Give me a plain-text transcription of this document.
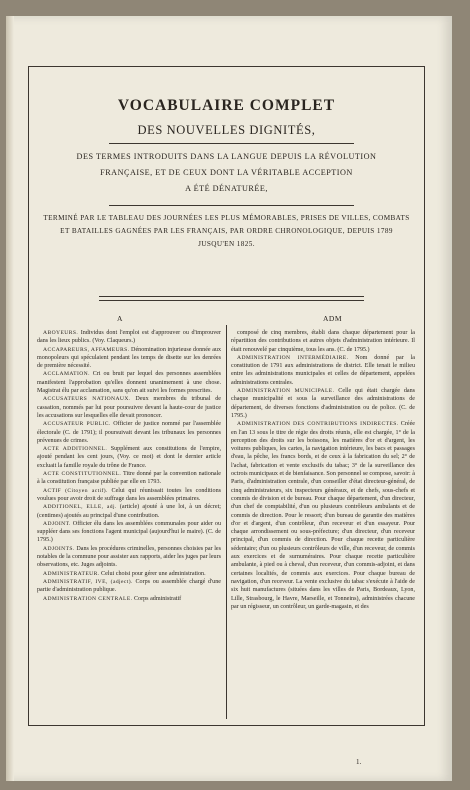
VOCABULAIRE COMPLET
DES NOUVELLES DIGNITÉS,
DES TERMES INTRODUITS DANS LA LANGUE DEPUIS LA RÉVOLUTION
FRANÇAISE, ET DE CEUX DONT LA VÉRITABLE ACCEPTION
A ÉTÉ DÉNATURÉE,
TERMINÉ PAR LE TABLEAU DES JOURNÉES LES PLUS MÉMORABLES, PRISES DE VILLES, COMBATS ET BATAILLES GAGNÉES PAR LES FRANÇAIS, PAR ORDRE CHRONOLOGIQUE, DEPUIS 1789 JUSQU'EN 1825.
A	ADM

ABOYEURS. Individus dont l'emploi est d'approuver ou d'improuver dans les lieux publics. (Voy. Claqueurs.)

ACCAPAREURS, AFFAMEURS. Dénomination injurieuse donnée aux monopoleurs qui spéculaient pendant les temps de disette sur les denrées de première nécessité.

ACCLAMATION. Cri ou bruit par lequel des personnes assemblées manifestent l'approbation qu'elles donnent unanimement à une chose. Magistrat élu par acclamation, sans qu'on ait suivi les formes prescrites.

ACCUSATEURS NATIONAUX. Deux membres du tribunal de cassation, nommés par lui pour poursuivre devant la haute-cour de justice les accusations sur lesquelles elle devait prononcer.

ACCUSATEUR PUBLIC. Officier de justice nommé par l'assemblée électorale (C. de 1791); il poursuivait devant les tribunaux les personnes prévenues de crimes.

ACTE ADDITIONNEL. Supplément aux constitutions de l'empire, ajouté pendant les cent jours, (Voy. ce mot) et dont le dernier article excluait la famille royale du trône de France.

ACTE CONSTITUTIONNEL. Titre donné par la convention nationale à la constitution française publiée par elle en 1793.

ACTIF (Citoyen actif). Celui qui réunissait toutes les conditions voulues pour avoir droit de suffrage dans les assemblées primaires.

ADDITIONEL, ELLE, adj. (article) ajouté à une loi, à un décret; (centimes) ajoutés au principal d'une contribution.

ADJOINT. Officier élu dans les assemblées communales pour aider ou suppléer dans ses fonctions l'agent municipal (aujourd'hui le maire). (C. de 1795.)

ADJOINTS. Dans les procédures criminelles, personnes choisies par les notables de la commune pour assister aux rapports, aider les juges par leurs observations, etc. Juges adjoints.

ADMINISTRATEUR. Celui choisi pour gérer une administration.

ADMINISTRATIF, IVE, (adject). Corps ou assemblée chargé d'une partie d'administration publique.

ADMINISTRATION CENTRALE. Corps administratif

composé de cinq membres, établi dans chaque département pour la répartition des contributions et autres objets d'administration intérieure. Il était renouvelé par cinquième, tous les ans. (C. de 1795.)

ADMINISTRATION INTERMÉDIAIRE. Nom donné par la constitution de 1791 aux administrations de district. Elle tenait le milieu entre les administrations municipales et celles de département, appelées administrations centrales.

ADMINISTRATION MUNICIPALE. Celle qui était chargée dans chaque municipalité et sous la surveillance des administrations de département, de diverses fonctions d'administration ou de police. (C. de 1795.)

ADMINISTRATION DES CONTRIBUTIONS INDIRECTES. Créée en l'an 13 sous le titre de régie des droits réunis, elle est chargée, 1° de la perception des droits sur les boissons, les matières d'or et d'argent, les voitures publiques, les cartes, la navigation intérieure, les bacs et passages d'eau, la pêche, les francs bords, et de ceux à la fabrication du sel; 2° de l'achat, fabrication et vente exclusifs du tabac; 3° de la surveillance des octrois municipaux et de bienfaisance. Son personnel se compose, savoir: à Paris, d'administration centrale, d'un conseiller d'état directeur-général, de cinq administrateurs, six inspecteurs généraux, et de chefs, sous-chefs et commis de division et de bureau. Pour chaque département, d'un directeur, d'un chef de comptabilité, d'un ou plusieurs contrôleurs ambulants et de commis de direction. Pour le ressort; d'un bureau de garantie des matières d'or et d'argent, d'un contrôleur, d'un receveur et d'un essayeur. Pour chaque arrondissement ou sous-préfecture; d'un directeur, d'un receveur principal, d'un commis de direction. Pour chaque recette particulière sédentaire; d'un ou plusieurs contrôleurs de ville, d'un receveur, de commis aux exercices et de surnuméraires. Pour chaque recette particulière ambulante, à pied ou à cheval, d'un receveur, d'un commis-adjoint, et dans certaines localités, de commis aux exercices. Pour chaque bureau de navigation, d'un receveur. La vente exclusive du tabac s'exécute à l'aide de six huit manufactures (situées dans les villes de Paris, Bordeaux, Lyon, Lille, Strasbourg, le Havre, Marseille, et Tonneins), administrées chacune par un régisseur, un contrôleur, un garde-magasin, et des

1.
